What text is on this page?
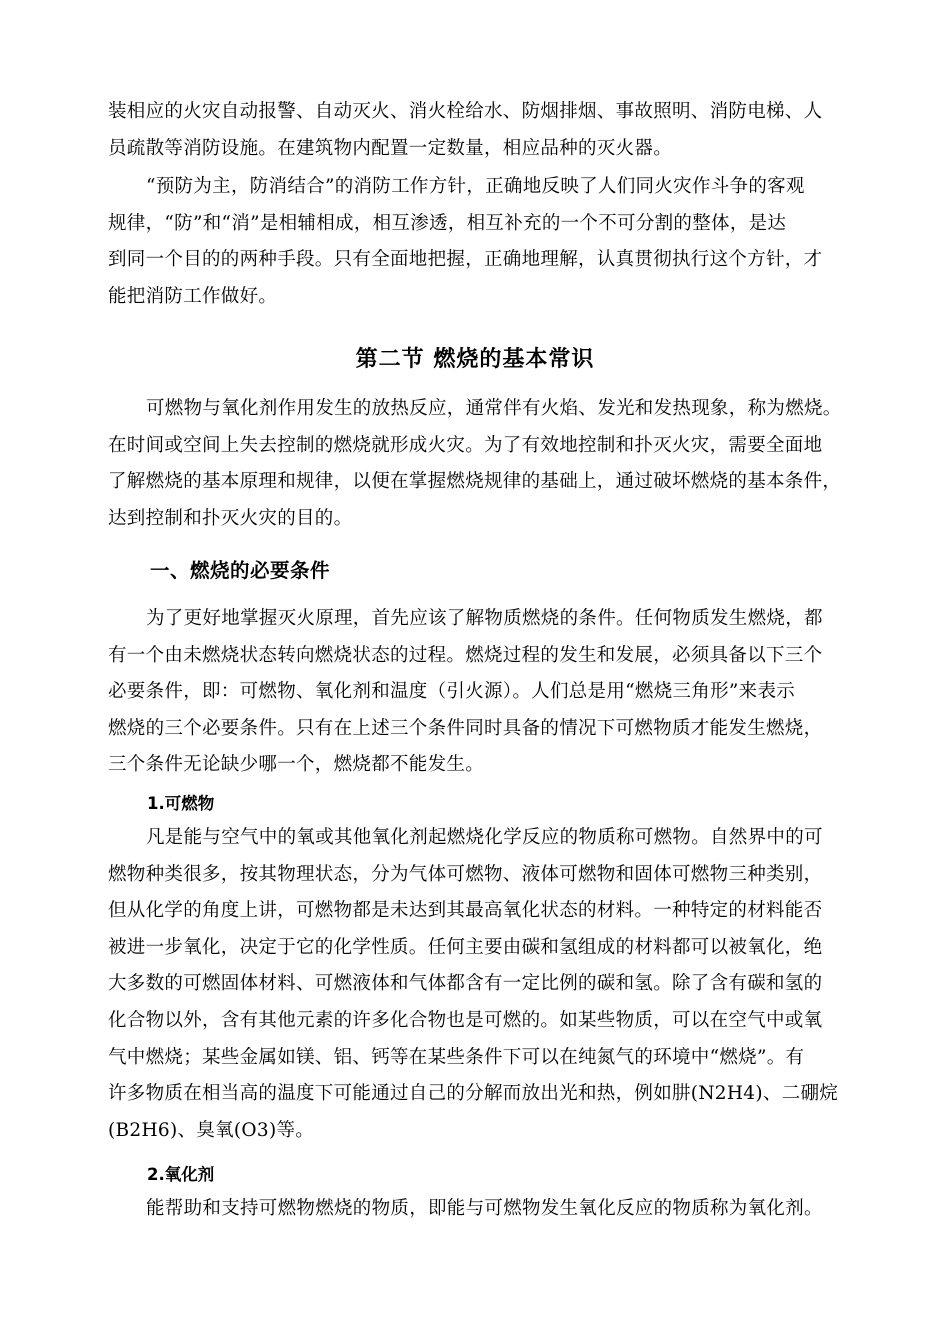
装相应的火灾自动报警、自动灭火、消火栓给水、防烟排烟、事故照明、消防电梯、人
员疏散等消防设施。在建筑物内配置一定数量，相应品种的灭火器。

“预防为主，防消结合”的消防工作方针，正确地反映了人们同火灾作斗争的客观
规律，“防”和“消”是相辅相成，相互渗透，相互补充的一个不可分割的整体，是达
到同一个目的的两种手段。只有全面地把握，正确地理解，认真贯彻执行这个方针，才
能把消防工作做好。

第二节 燃烧的基本常识

可燃物与氧化剂作用发生的放热反应，通常伴有火焰、发光和发热现象，称为燃烧。
在时间或空间上失去控制的燃烧就形成火灾。为了有效地控制和扑灭火灾，需要全面地
了解燃烧的基本原理和规律，以便在掌握燃烧规律的基础上，通过破坏燃烧的基本条件，
达到控制和扑灭火灾的目的。

一、燃烧的必要条件

为了更好地掌握灭火原理，首先应该了解物质燃烧的条件。任何物质发生燃烧，都
有一个由未燃烧状态转向燃烧状态的过程。燃烧过程的发生和发展，必须具备以下三个
必要条件，即：可燃物、氧化剂和温度（引火源）。人们总是用“燃烧三角形”来表示
燃烧的三个必要条件。只有在上述三个条件同时具备的情况下可燃物质才能发生燃烧，
三个条件无论缺少哪一个，燃烧都不能发生。

1.可燃物

凡是能与空气中的氧或其他氧化剂起燃烧化学反应的物质称可燃物。自然界中的可
燃物种类很多，按其物理状态，分为气体可燃物、液体可燃物和固体可燃物三种类别，
但从化学的角度上讲，可燃物都是未达到其最高氧化状态的材料。一种特定的材料能否
被进一步氧化，决定于它的化学性质。任何主要由碳和氢组成的材料都可以被氧化，绝
大多数的可燃固体材料、可燃液体和气体都含有一定比例的碳和氢。除了含有碳和氢的
化合物以外，含有其他元素的许多化合物也是可燃的。如某些物质，可以在空气中或氧
气中燃烧；某些金属如镁、铝、钙等在某些条件下可以在纯氮气的环境中“燃烧”。有
许多物质在相当高的温度下可能通过自己的分解而放出光和热，例如肼(N2H4)、二硼烷
(B2H6)、臭氧(O3)等。

2.氧化剂

能帮助和支持可燃物燃烧的物质，即能与可燃物发生氧化反应的物质称为氧化剂。
